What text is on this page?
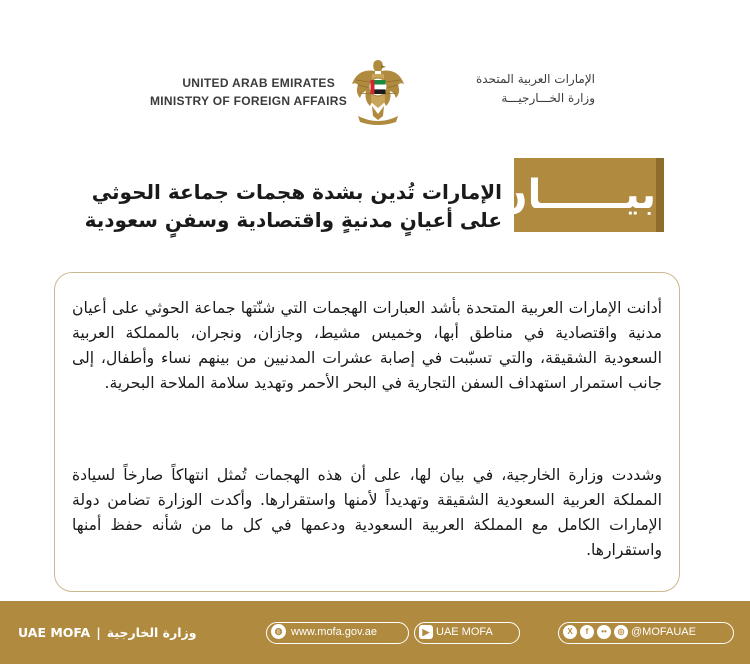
UNITED ARAB EMIRATES
MINISTRY OF FOREIGN AFFAIRS
الإمارات العربية المتحدة
وزارة الخـــارجيـــة
بيــــــان
الإمارات تُدين بشدة هجمات جماعة الحوثي
على أعيانٍ مدنيةٍ واقتصادية وسفنٍ سعودية
أدانت الإمارات العربية المتحدة بأشد العبارات الهجمات التي شنّتها جماعة الحوثي على أعيان مدنية واقتصادية في مناطق أبها، وخميس مشيط، وجازان، ونجران، بالمملكة العربية السعودية الشقيقة، والتي تسبّبت في إصابة عشرات المدنيين من بينهم نساء وأطفال، إلى جانب استمرار استهداف السفن التجارية في البحر الأحمر وتهديد سلامة الملاحة البحرية.
وشددت وزارة الخارجية، في بيان لها، على أن هذه الهجمات تُمثل انتهاكاً صارخاً لسيادة المملكة العربية السعودية الشقيقة وتهديداً لأمنها واستقرارها. وأكدت الوزارة تضامن دولة الإمارات الكامل مع المملكة العربية السعودية ودعمها في كل ما من شأنه حفظ أمنها واستقرارها.
UAE MOFA | وزارة الخارجية	◍ www.mofa.gov.ae	▶ UAE MOFA	X f •• ◎ @MOFAUAE
